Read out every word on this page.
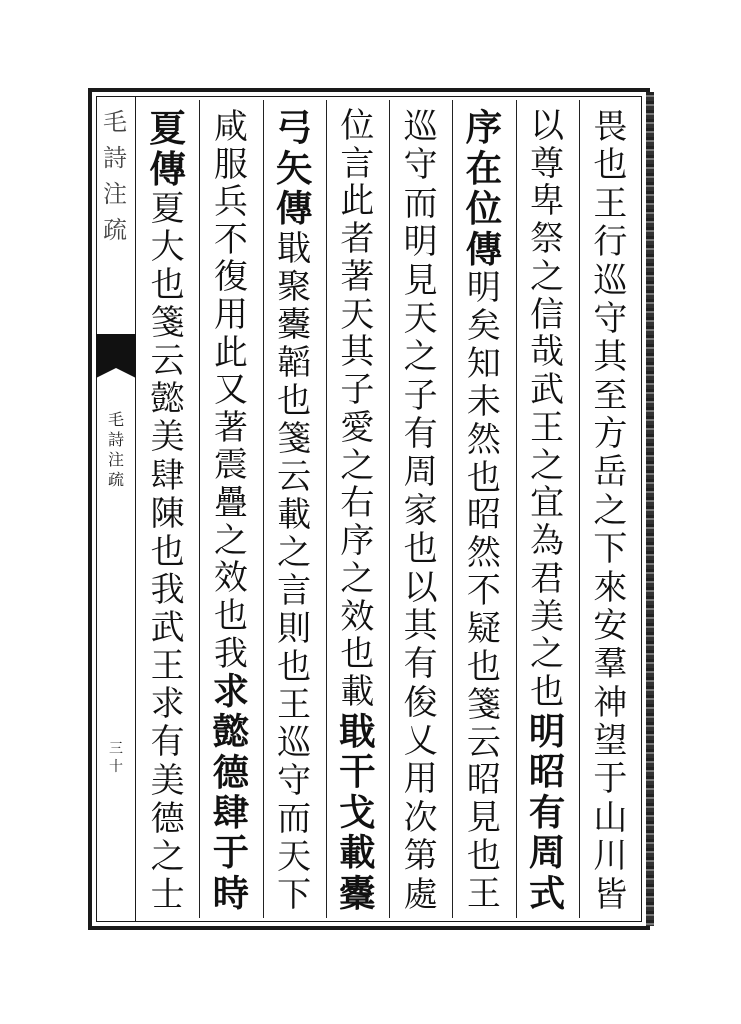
毛
詩
注
疏
毛
詩
注
疏
三十
畏
也
王
行
巡
守
其
至
方
岳
之
下
來
安
羣
神
望
于
山
川
皆
以
尊
卑
祭
之
信
哉
武
王
之
宜
為
君
美
之
也
明
昭
有
周
式
序
在
位
傳
明
矣
知
未
然
也
昭
然
不
疑
也
箋
云
昭
見
也
王
巡
守
而
明
見
天
之
子
有
周
家
也
以
其
有
俊
乂
用
次
第
處
位
言
此
者
著
天
其
子
愛
之
右
序
之
效
也
載
戢
干
戈
載
櫜
弓
矢
傳
戢
聚
櫜
韜
也
箋
云
載
之
言
則
也
王
巡
守
而
天
下
咸
服
兵
不
復
用
此
又
著
震
疊
之
效
也
我
求
懿
德
肆
于
時
夏
傳
夏
大
也
箋
云
懿
美
肆
陳
也
我
武
王
求
有
美
德
之
士
